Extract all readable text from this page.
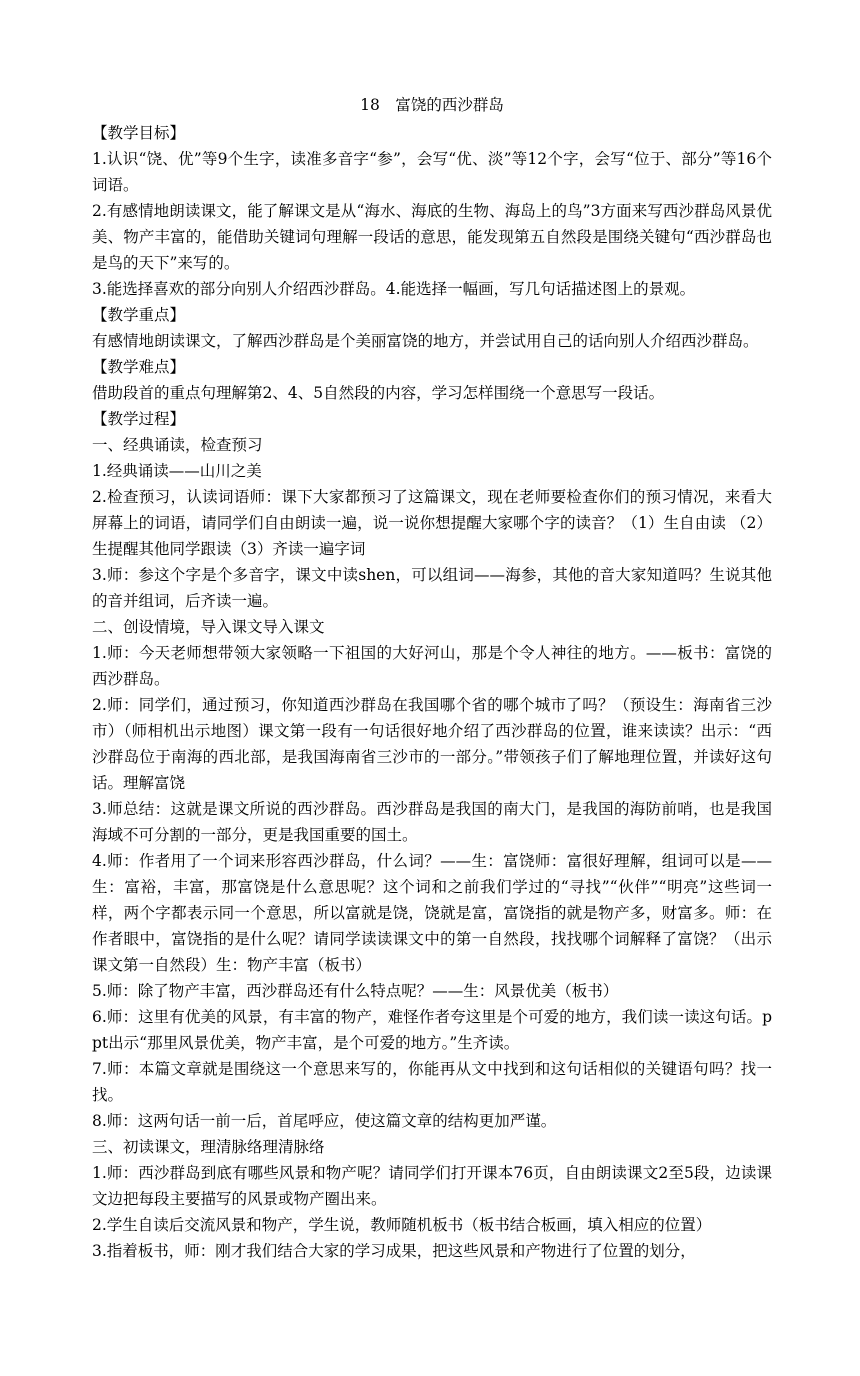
18　富饶的西沙群岛

【教学目标】

1.认识“饶、优”等9个生字，读准多音字“参”，会写“优、淡”等12个字，会写“位于、部分”等16个词语。

2.有感情地朗读课文，能了解课文是从“海水、海底的生物、海岛上的鸟”3方面来写西沙群岛风景优美、物产丰富的，能借助关键词句理解一段话的意思，能发现第五自然段是围绕关键句“西沙群岛也是鸟的天下”来写的。

3.能选择喜欢的部分向别人介绍西沙群岛。4.能选择一幅画，写几句话描述图上的景观。

【教学重点】

有感情地朗读课文，了解西沙群岛是个美丽富饶的地方，并尝试用自己的话向别人介绍西沙群岛。

【教学难点】

借助段首的重点句理解第2、4、5自然段的内容，学习怎样围绕一个意思写一段话。

【教学过程】

一、经典诵读，检查预习

1.经典诵读——山川之美

2.检查预习，认读词语师：课下大家都预习了这篇课文，现在老师要检查你们的预习情况，来看大屏幕上的词语，请同学们自由朗读一遍，说一说你想提醒大家哪个字的读音？（1）生自由读 （2）生提醒其他同学跟读（3）齐读一遍字词

3.师：参这个字是个多音字，课文中读shen，可以组词——海参，其他的音大家知道吗？生说其他的音并组词，后齐读一遍。

二、创设情境，导入课文导入课文

1.师：今天老师想带领大家领略一下祖国的大好河山，那是个令人神往的地方。——板书：富饶的西沙群岛。

2.师：同学们，通过预习，你知道西沙群岛在我国哪个省的哪个城市了吗？（预设生：海南省三沙市）（师相机出示地图）课文第一段有一句话很好地介绍了西沙群岛的位置，谁来读读？出示：“西沙群岛位于南海的西北部，是我国海南省三沙市的一部分。”带领孩子们了解地理位置，并读好这句话。理解富饶

3.师总结：这就是课文所说的西沙群岛。西沙群岛是我国的南大门，是我国的海防前哨，也是我国海域不可分割的一部分，更是我国重要的国土。

4.师：作者用了一个词来形容西沙群岛，什么词？——生：富饶师：富很好理解，组词可以是——生：富裕，丰富，那富饶是什么意思呢？这个词和之前我们学过的“寻找”“伙伴”“明亮”这些词一样，两个字都表示同一个意思，所以富就是饶，饶就是富，富饶指的就是物产多，财富多。师：在作者眼中，富饶指的是什么呢？请同学读读课文中的第一自然段，找找哪个词解释了富饶？（出示课文第一自然段）生：物产丰富（板书）

5.师：除了物产丰富，西沙群岛还有什么特点呢？——生：风景优美（板书）

6.师：这里有优美的风景，有丰富的物产，难怪作者夸这里是个可爱的地方，我们读一读这句话。ppt出示“那里风景优美，物产丰富，是个可爱的地方。”生齐读。

7.师：本篇文章就是围绕这一个意思来写的，你能再从文中找到和这句话相似的关键语句吗？找一找。

8.师：这两句话一前一后，首尾呼应，使这篇文章的结构更加严谨。

三、初读课文，理清脉络理清脉络

1.师：西沙群岛到底有哪些风景和物产呢？请同学们打开课本76页，自由朗读课文2至5段，边读课文边把每段主要描写的风景或物产圈出来。

2.学生自读后交流风景和物产，学生说，教师随机板书（板书结合板画，填入相应的位置）

3.指着板书，师：刚才我们结合大家的学习成果，把这些风景和产物进行了位置的划分，
